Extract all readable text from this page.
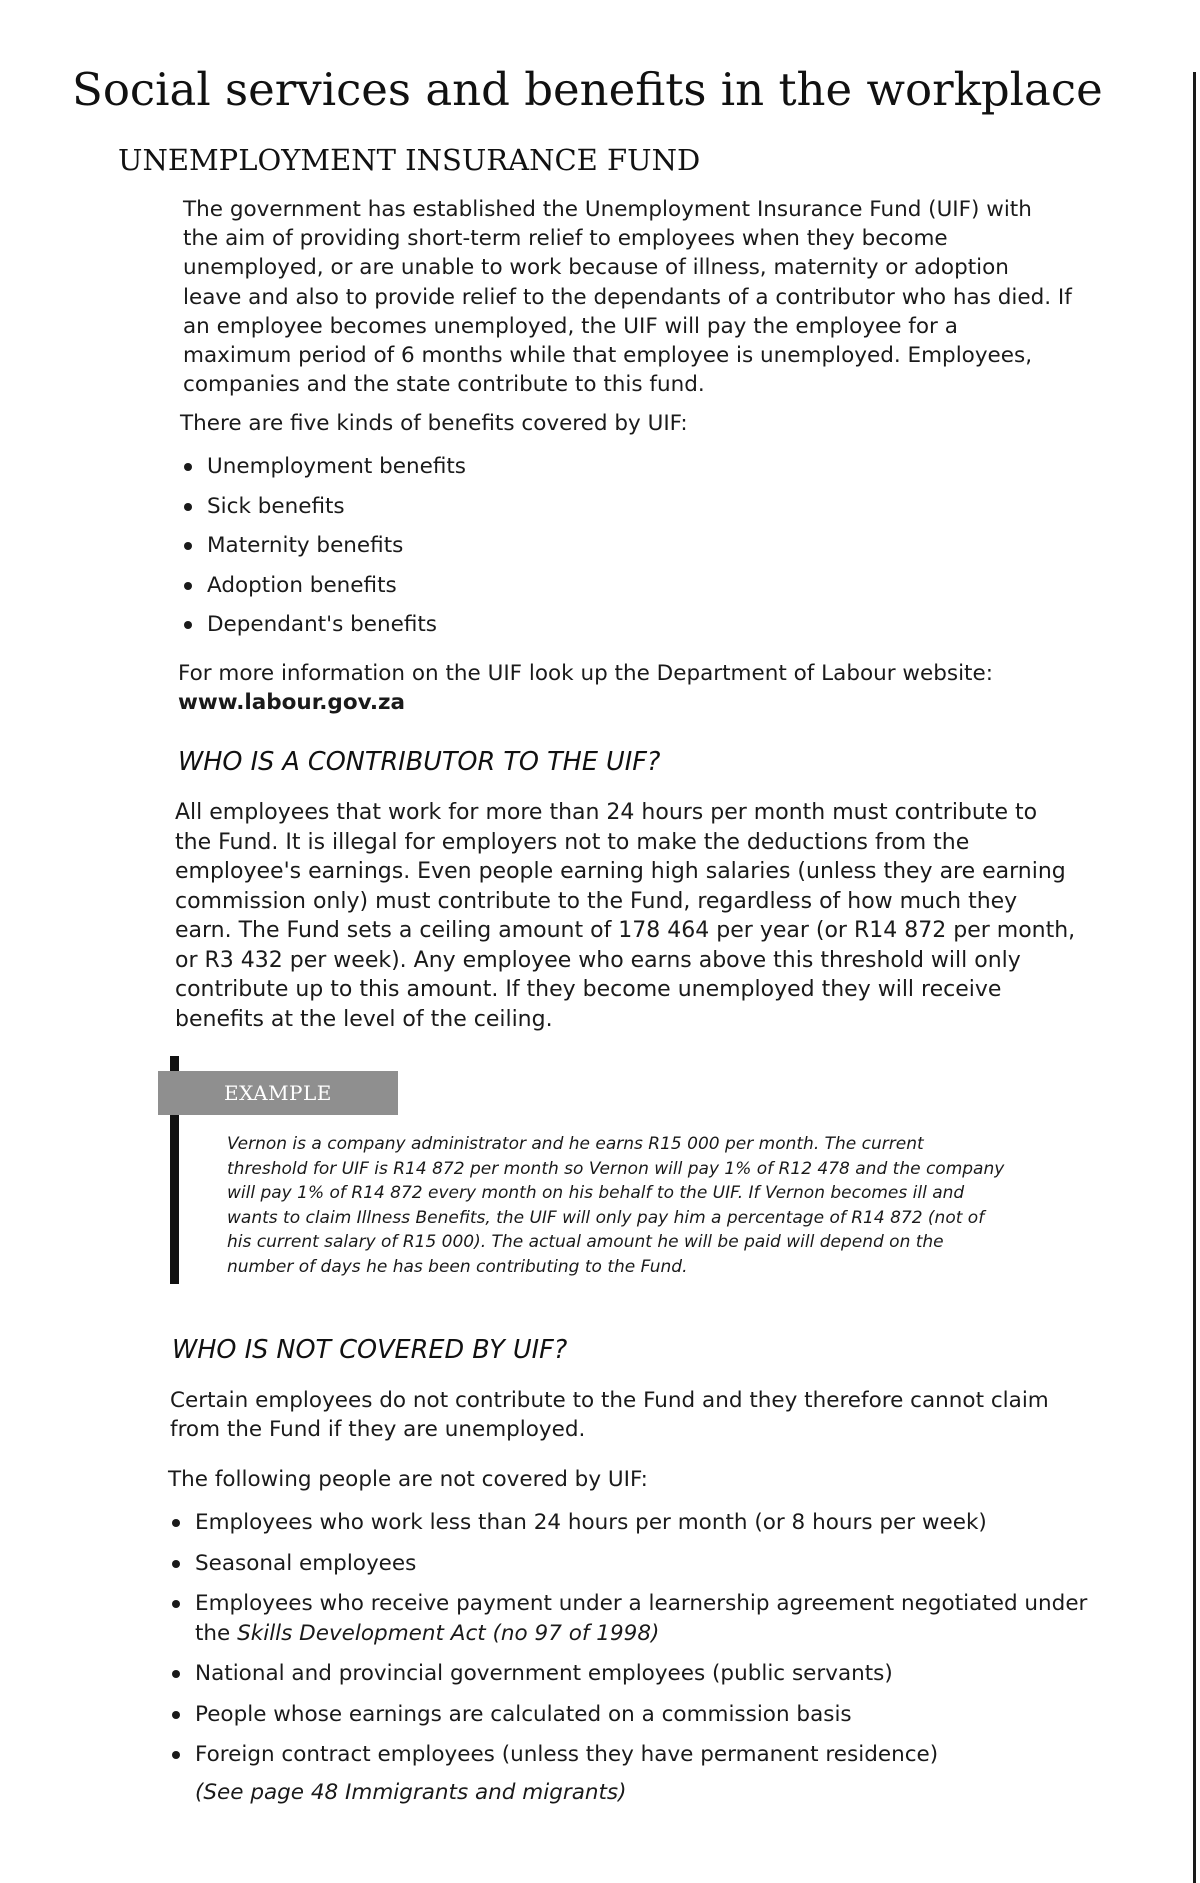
Social services and benefits in the workplace
UNEMPLOYMENT INSURANCE FUND

The government has established the Unemployment Insurance Fund (UIF) with the aim of providing short-term relief to employees when they become unemployed, or are unable to work because of illness, maternity or adoption leave and also to provide relief to the dependants of a contributor who has died. If an employee becomes unemployed, the UIF will pay the employee for a maximum period of 6 months while that employee is unemployed. Employees, companies and the state contribute to this fund.

There are five kinds of benefits covered by UIF:

Unemployment benefits
Sick benefits
Maternity benefits
Adoption benefits
Dependant's benefits

For more information on the UIF look up the Department of Labour website:
www.labour.gov.za

WHO IS A CONTRIBUTOR TO THE UIF?

All employees that work for more than 24 hours per month must contribute to the Fund. It is illegal for employers not to make the deductions from the employee's earnings. Even people earning high salaries (unless they are earning commission only) must contribute to the Fund, regardless of how much they earn. The Fund sets a ceiling amount of 178 464 per year (or R14 872 per month, or R3 432 per week). Any employee who earns above this threshold will only contribute up to this amount. If they become unemployed they will receive benefits at the level of the ceiling.

EXAMPLE

Vernon is a company administrator and he earns R15 000 per month. The current threshold for UIF is R14 872 per month so Vernon will pay 1% of R12 478 and the company will pay 1% of R14 872 every month on his behalf to the UIF. If Vernon becomes ill and wants to claim Illness Benefits, the UIF will only pay him a percentage of R14 872 (not of his current salary of R15 000). The actual amount he will be paid will depend on the number of days he has been contributing to the Fund.

WHO IS NOT COVERED BY UIF?

Certain employees do not contribute to the Fund and they therefore cannot claim from the Fund if they are unemployed.

The following people are not covered by UIF:

Employees who work less than 24 hours per month (or 8 hours per week)
Seasonal employees
Employees who receive payment under a learnership agreement negotiated under the Skills Development Act (no 97 of 1998)
National and provincial government employees (public servants)
People whose earnings are calculated on a commission basis
Foreign contract employees (unless they have permanent residence)

(See page 48 Immigrants and migrants)
